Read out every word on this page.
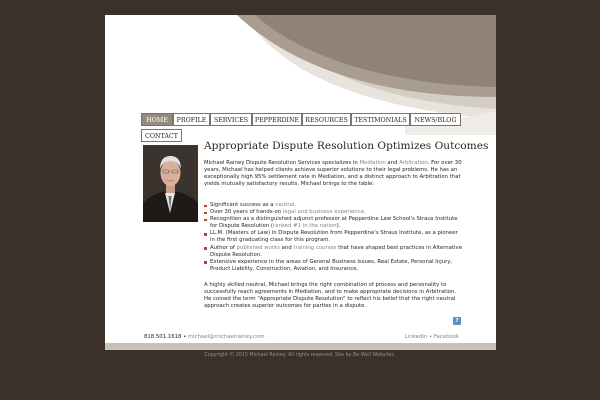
HOME	PROFILE	SERVICES	PEPPERDINE RESOURCES	TESTIMONIALS	NEWS/BLOG
CONTACT
Appropriate Dispute Resolution Optimizes Outcomes

Michael Rainey Dispute Resolution Services specializes in Mediation and Arbitration. For over 30 years, Michael has helped clients achieve superior solutions to their legal problems. He has an exceptionally high 95% settlement rate in Mediation, and a distinct approach to Arbitration that yields mutually satisfactory results. Michael brings to the table:

Significant success as a neutral.
Over 30 years of hands-on legal and business experience.
Recognition as a distinguished adjunct professor at Pepperdine Law School's Straus Institute for Dispute Resolution (ranked #1 in the nation).
LL.M. (Masters of Law) in Dispute Resolution from Pepperdine's Straus Institute, as a pioneer in the first graduating class for this program.
Author of published works and training courses that have shaped best practices in Alternative Dispute Resolution.
Extensive experience in the areas of General Business Issues, Real Estate, Personal Injury, Product Liability, Construction, Aviation, and Insurance.

A highly skilled neutral, Michael brings the right combination of process and personality to successfully reach agreements in Mediation, and to make appropriate decisions in Arbitration. He coined the term "Appropriate Dispute Resolution" to reflect his belief that the right neutral approach creates superior outcomes for parties in a dispute.

?
818.501.1618 • michael@michaelrainey.com	LinkedIn • Facebook
Copyright © 2015 Michael Rainey. All rights reserved. Site by Be Well Websites.
